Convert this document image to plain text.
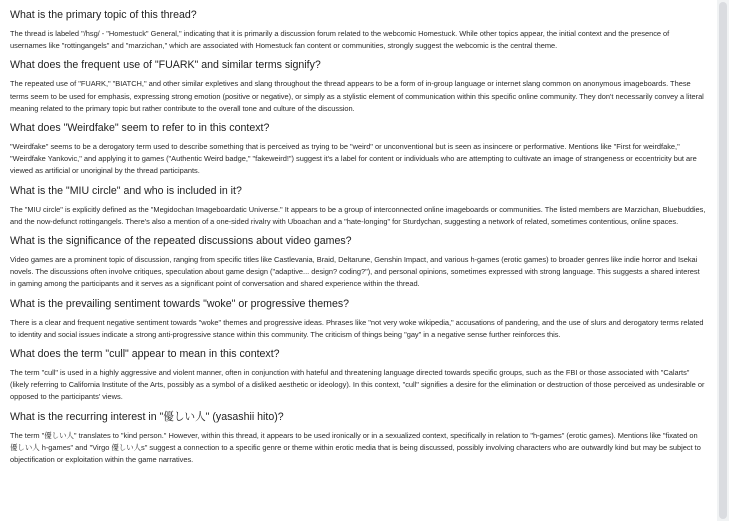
What is the primary topic of this thread?

The thread is labeled "/hsg/ - "Homestuck" General," indicating that it is primarily a discussion forum related to the webcomic Homestuck. While other topics appear, the initial context and the presence of usernames like "rottingangels" and "marzichan," which are associated with Homestuck fan content or communities, strongly suggest the webcomic is the central theme.

What does the frequent use of "FUARK" and similar terms signify?

The repeated use of "FUARK," "BIATCH," and other similar expletives and slang throughout the thread appears to be a form of in-group language or internet slang common on anonymous imageboards. These terms seem to be used for emphasis, expressing strong emotion (positive or negative), or simply as a stylistic element of communication within this specific online community. They don't necessarily convey a literal meaning related to the primary topic but rather contribute to the overall tone and culture of the discussion.

What does "Weirdfake" seem to refer to in this context?

"Weirdfake" seems to be a derogatory term used to describe something that is perceived as trying to be "weird" or unconventional but is seen as insincere or performative. Mentions like "First for weirdfake," "Weirdfake Yankovic," and applying it to games ("Authentic Weird badge," "fakeweird!") suggest it's a label for content or individuals who are attempting to cultivate an image of strangeness or eccentricity but are viewed as artificial or unoriginal by the thread participants.

What is the "MIU circle" and who is included in it?

The "MIU circle" is explicitly defined as the "Megidochan Imageboardatic Universe." It appears to be a group of interconnected online imageboards or communities. The listed members are Marzichan, Bluebuddies, and the now-defunct rottingangels. There's also a mention of a one-sided rivalry with Uboachan and a "hate-longing" for Sturdychan, suggesting a network of related, sometimes contentious, online spaces.

What is the significance of the repeated discussions about video games?

Video games are a prominent topic of discussion, ranging from specific titles like Castlevania, Braid, Deltarune, Genshin Impact, and various h-games (erotic games) to broader genres like indie horror and Isekai novels. The discussions often involve critiques, speculation about game design ("adaptive... design? coding?"), and personal opinions, sometimes expressed with strong language. This suggests a shared interest in gaming among the participants and it serves as a significant point of conversation and shared experience within the thread.

What is the prevailing sentiment towards "woke" or progressive themes?

There is a clear and frequent negative sentiment towards "woke" themes and progressive ideas. Phrases like "not very woke wikipedia," accusations of pandering, and the use of slurs and derogatory terms related to identity and social issues indicate a strong anti-progressive stance within this community. The criticism of things being "gay" in a negative sense further reinforces this.

What does the term "cull" appear to mean in this context?

The term "cull" is used in a highly aggressive and violent manner, often in conjunction with hateful and threatening language directed towards specific groups, such as the FBI or those associated with "Calarts" (likely referring to California Institute of the Arts, possibly as a symbol of a disliked aesthetic or ideology). In this context, "cull" signifies a desire for the elimination or destruction of those perceived as undesirable or opposed to the participants' views.

What is the recurring interest in "優しい人" (yasashii hito)?

The term "優しい人" translates to "kind person." However, within this thread, it appears to be used ironically or in a sexualized context, specifically in relation to "h-games" (erotic games). Mentions like "fixated on 優しい人 h-games" and "Virgo 優しい人s" suggest a connection to a specific genre or theme within erotic media that is being discussed, possibly involving characters who are outwardly kind but may be subject to objectification or exploitation within the game narratives.
